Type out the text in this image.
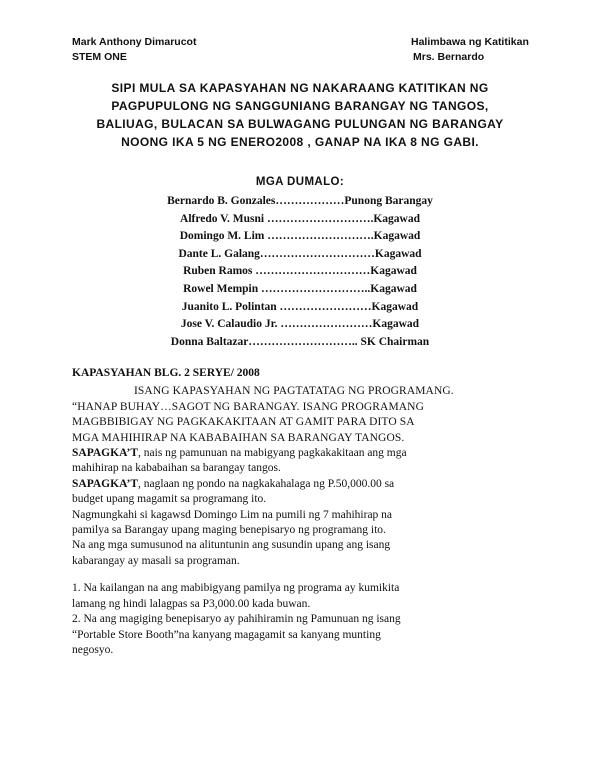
Mark Anthony Dimarucot
STEM ONE
Halimbawa ng Katitikan
Mrs. Bernardo
SIPI MULA SA KAPASYAHAN NG NAKARAANG KATITIKAN NG
PAGPUPULONG NG SANGGUNIANG BARANGAY NG TANGOS,
BALIUAG, BULACAN SA BULWAGANG PULUNGAN NG BARANGAY
NOONG IKA 5 NG ENERO2008 , GANAP NA IKA 8 NG GABI.
MGA DUMALO:
Bernardo B. Gonzales………………Punong Barangay
Alfredo V. Musni ……………………….Kagawad
Domingo M. Lim ……………………….Kagawad
Dante L. Galang…………………………Kagawad
Ruben Ramos …………………………Kagawad
Rowel Mempin ………………………..Kagawad
Juanito L. Polintan ……………………Kagawad
Jose V. Calaudio Jr. ……………………Kagawad
Donna Baltazar……………………….. SK Chairman
KAPASYAHAN BLG. 2 SERYE/ 2008
ISANG KAPASYAHAN NG PAGTATATAG NG PROGRAMANG.
“HANAP BUHAY…SAGOT NG BARANGAY. ISANG PROGRAMANG
MAGBBIBIGAY NG PAGKAKAKITAAN AT GAMIT PARA DITO SA
MGA MAHIHIRAP NA KABABAIHAN SA BARANGAY TANGOS.
SAPAGKA’T, nais ng pamunuan na mabigyang pagkakakitaan ang mga
mahihirap na kababaihan sa barangay tangos.
SAPAGKA’T, naglaan ng pondo na nagkakahalaga ng P.50,000.00 sa
budget upang magamit sa programang ito.
Nagmungkahi si kagawsd Domingo Lim na pumili ng 7 mahihirap na
pamilya sa Barangay upang maging benepisaryo ng programang ito.
Na ang mga sumusunod na alituntunin ang susundin upang ang isang
kabarangay ay masali sa programan.
1. Na kailangan na ang mabibigyang pamilya ng programa ay kumikita
lamang ng hindi lalagpas sa P3,000.00 kada buwan.
2. Na ang magiging benepisaryo ay pahihiramin ng Pamunuan ng isang
“Portable Store Booth”na kanyang magagamit sa kanyang munting
negosyo.
